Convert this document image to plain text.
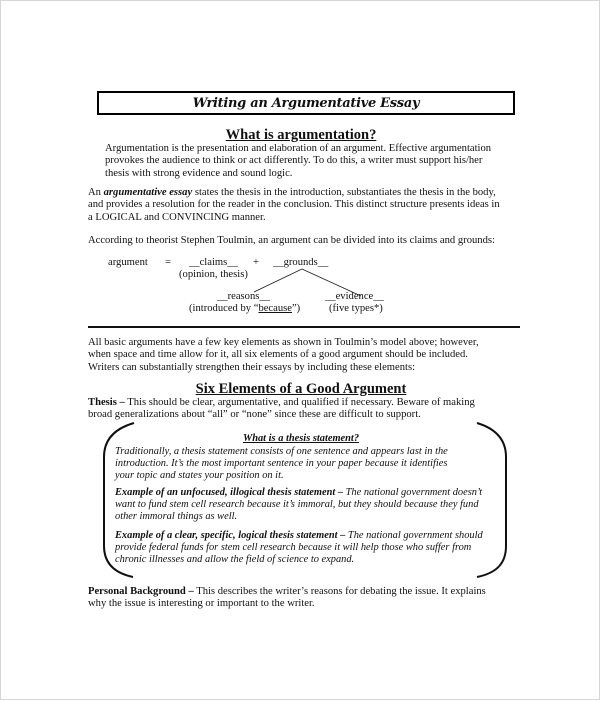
Writing an Argumentative Essay
What is argumentation?
Argumentation is the presentation and elaboration of an argument. Effective argumentation
provokes the audience to think or act differently. To do this, a writer must support his/her
thesis with strong evidence and sound logic.
An argumentative essay states the thesis in the introduction, substantiates the thesis in the body,
and provides a resolution for the reader in the conclusion. This distinct structure presents ideas in
a LOGICAL and CONVINCING manner.
According to theorist Stephen Toulmin, an argument can be divided into its claims and grounds:
argument = __claims__
(opinion, thesis)
+ __grounds__
__reasons__
(introduced by “because”)
__evidence__
(five types*)
All basic arguments have a few key elements as shown in Toulmin’s model above; however,
when space and time allow for it, all six elements of a good argument should be included.
Writers can substantially strengthen their essays by including these elements:
Six Elements of a Good Argument
Thesis – This should be clear, argumentative, and qualified if necessary. Beware of making
broad generalizations about “all” or “none” since these are difficult to support.
What is a thesis statement?
Traditionally, a thesis statement consists of one sentence and appears last in the
introduction. It’s the most important sentence in your paper because it identifies
your topic and states your position on it.
Example of an unfocused, illogical thesis statement – The national government doesn’t
want to fund stem cell research because it’s immoral, but they should because they fund
other immoral things as well.
Example of a clear, specific, logical thesis statement – The national government should
provide federal funds for stem cell research because it will help those who suffer from
chronic illnesses and allow the field of science to expand.
Personal Background – This describes the writer’s reasons for debating the issue. It explains
why the issue is interesting or important to the writer.
